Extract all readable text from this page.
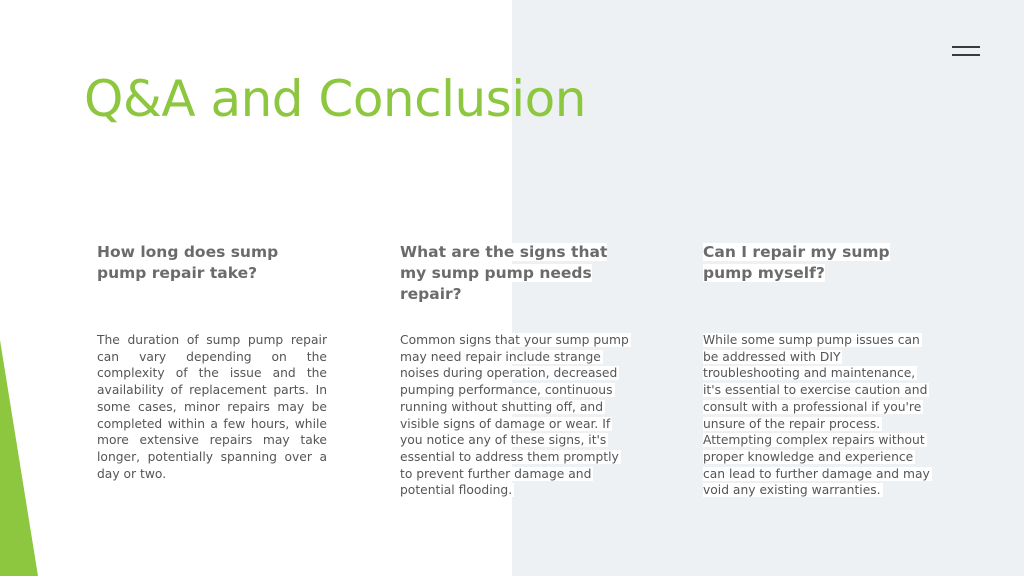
Q&A and Conclusion
How long does sump pump repair take?

The duration of sump pump repair can vary depending on the complexity of the issue and the availability of replacement parts. In some cases, minor repairs may be completed within a few hours, while more extensive repairs may take longer, potentially spanning over a day or two.

What are the signs that my sump pump needs repair?

Common signs that your sump pump may need repair include strange noises during operation, decreased pumping performance, continuous running without shutting off, and visible signs of damage or wear. If you notice any of these signs, it's essential to address them promptly to prevent further damage and potential flooding.

Can I repair my sump pump myself?

While some sump pump issues can be addressed with DIY troubleshooting and maintenance, it's essential to exercise caution and consult with a professional if you're unsure of the repair process. Attempting complex repairs without proper knowledge and experience can lead to further damage and may void any existing warranties.
